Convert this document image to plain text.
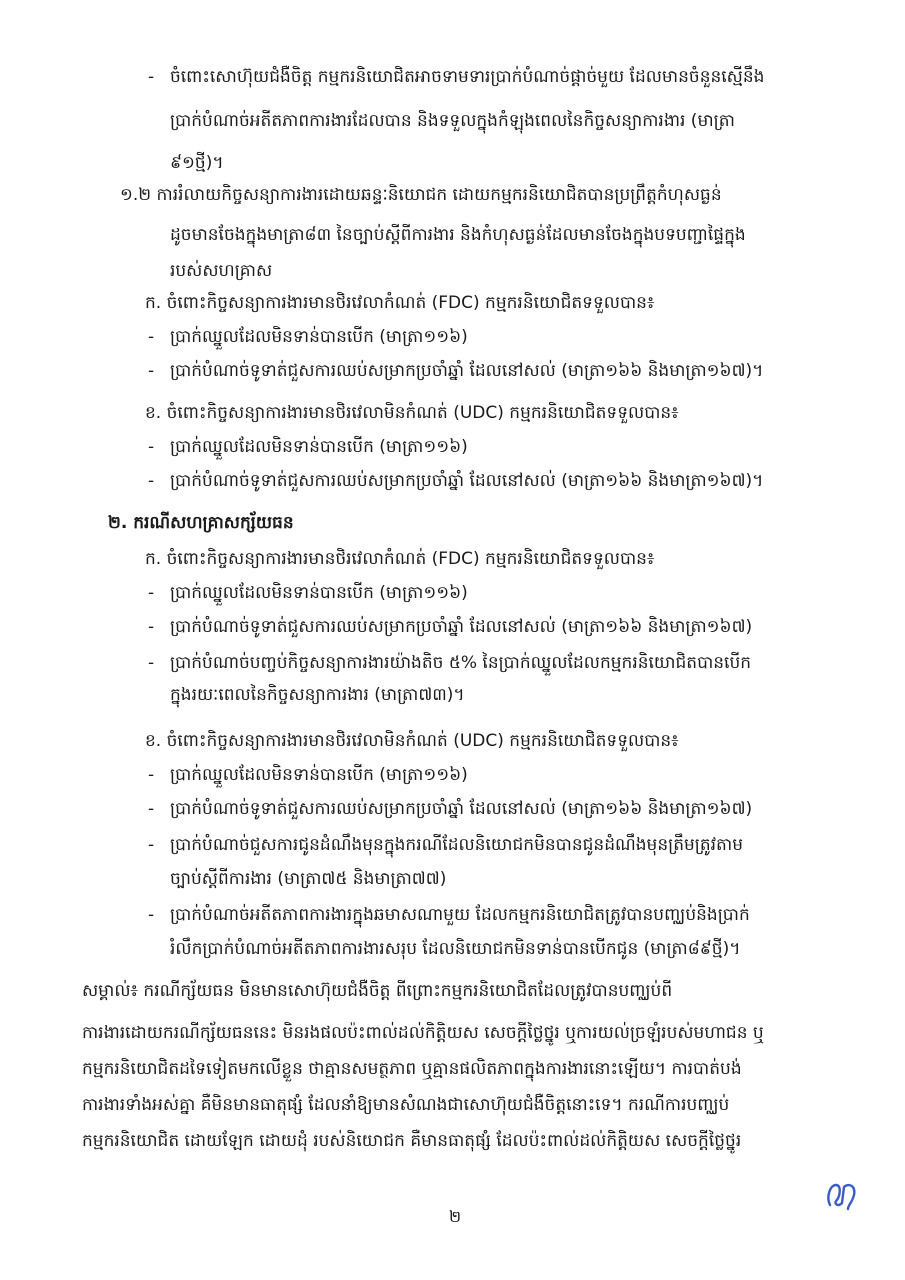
- ចំពោះសោហ៊ុយជំងឺចិត្ត កម្មករនិយោជិតអាចទាមទារប្រាក់បំណាច់ផ្តាច់មួយ ដែលមានចំនួនស្មើនឹង
ប្រាក់បំណាច់អតីតភាពការងារដែលបាន និងទទួលក្នុងកំឡុងពេលនៃកិច្ចសន្យាការងារ (មាត្រា
៩១ថ្មី)។
១.២ ការរំលាយកិច្ចសន្យាការងារដោយឆន្ទៈនិយោជក ដោយកម្មករនិយោជិតបានប្រព្រឹត្តកំហុសធ្ងន់
ដូចមានចែងក្នុងមាត្រា៨៣ នៃច្បាប់ស្តីពីការងារ និងកំហុសធ្ងន់ដែលមានចែងក្នុងបទបញ្ជាផ្ទៃក្នុង
របស់សហគ្រាស
ក. ចំពោះកិច្ចសន្យាការងារមានថិរវេលាកំណត់ (FDC) កម្មករនិយោជិតទទួលបាន៖
- ប្រាក់ឈ្នួលដែលមិនទាន់បានបើក (មាត្រា១១៦)
- ប្រាក់បំណាច់ទូទាត់ជួសការឈប់សម្រាកប្រចាំឆ្នាំ ដែលនៅសល់ (មាត្រា១៦៦ និងមាត្រា១៦៧)។
ខ. ចំពោះកិច្ចសន្យាការងារមានថិរវេលាមិនកំណត់ (UDC) កម្មករនិយោជិតទទួលបាន៖
- ប្រាក់ឈ្នួលដែលមិនទាន់បានបើក (មាត្រា១១៦)
- ប្រាក់បំណាច់ទូទាត់ជួសការឈប់សម្រាកប្រចាំឆ្នាំ ដែលនៅសល់ (មាត្រា១៦៦ និងមាត្រា១៦៧)។
២. ករណីសហគ្រាសក្ស័យធន
ក. ចំពោះកិច្ចសន្យាការងារមានថិរវេលាកំណត់ (FDC) កម្មករនិយោជិតទទួលបាន៖
- ប្រាក់ឈ្នួលដែលមិនទាន់បានបើក (មាត្រា១១៦)
- ប្រាក់បំណាច់ទូទាត់ជួសការឈប់សម្រាកប្រចាំឆ្នាំ ដែលនៅសល់ (មាត្រា១៦៦ និងមាត្រា១៦៧)
- ប្រាក់បំណាច់បញ្ចប់កិច្ចសន្យាការងារយ៉ាងតិច ៥% នៃប្រាក់ឈ្នួលដែលកម្មករនិយោជិតបានបើក
ក្នុងរយៈពេលនៃកិច្ចសន្យាការងារ (មាត្រា៧៣)។
ខ. ចំពោះកិច្ចសន្យាការងារមានថិរវេលាមិនកំណត់ (UDC) កម្មករនិយោជិតទទួលបាន៖
- ប្រាក់ឈ្នួលដែលមិនទាន់បានបើក (មាត្រា១១៦)
- ប្រាក់បំណាច់ទូទាត់ជួសការឈប់សម្រាកប្រចាំឆ្នាំ ដែលនៅសល់ (មាត្រា១៦៦ និងមាត្រា១៦៧)
- ប្រាក់បំណាច់ជួសការជូនដំណឹងមុនក្នុងករណីដែលនិយោជកមិនបានជូនដំណឹងមុនត្រឹមត្រូវតាម
ច្បាប់ស្តីពីការងារ (មាត្រា៧៥ និងមាត្រា៧៧)
- ប្រាក់បំណាច់អតីតភាពការងារក្នុងឆមាសណាមួយ ដែលកម្មករនិយោជិតត្រូវបានបញ្ឈប់និងប្រាក់
រំលឹកប្រាក់បំណាច់អតីតភាពការងារសរុប ដែលនិយោជកមិនទាន់បានបើកជូន (មាត្រា៨៩ថ្មី)។
សម្គាល់៖ ករណីក្ស័យធន មិនមានសោហ៊ុយជំងឺចិត្ត ពីព្រោះកម្មករនិយោជិតដែលត្រូវបានបញ្ឈប់ពី
ការងារដោយករណីក្ស័យធននេះ មិនរងផលប៉ះពាល់ដល់កិត្តិយស សេចក្តីថ្លៃថ្នូរ ឬការយល់ច្រឡំរបស់មហាជន ឬ
កម្មករនិយោជិតដទៃទៀតមកលើខ្លួន ថាគ្មានសមត្ថភាព ឬគ្មានផលិតភាពក្នុងការងារនោះឡើយ។ ការបាត់បង់
ការងារទាំងអស់គ្នា គឺមិនមានធាតុផ្សំ ដែលនាំឱ្យមានសំណងជាសោហ៊ុយជំងឺចិត្តនោះទេ។ ករណីការបញ្ឈប់
កម្មករនិយោជិត ដោយឡែក ដោយដុំ របស់និយោជក គឺមានធាតុផ្សំ ដែលប៉ះពាល់ដល់កិត្តិយស សេចក្តីថ្លៃថ្នូរ
២
